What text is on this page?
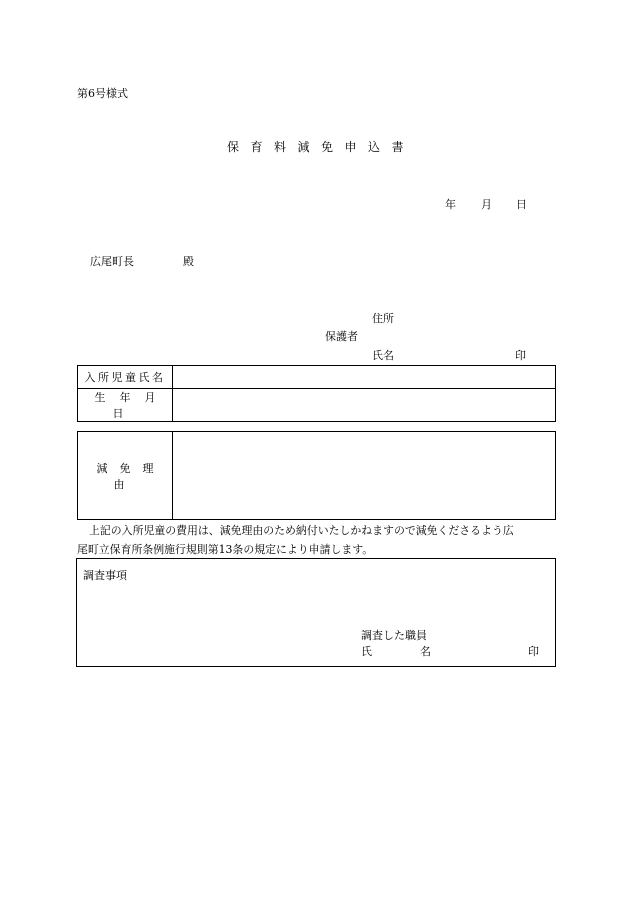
第6号様式
保育料減免申込書
年 月 日
広尾町長	殿
住所
保護者
氏名	印
入所児童氏名	
生年月日	
減免理由	
上記の入所児童の費用は、減免理由のため納付いたしかねますので減免くださるよう広
尾町立保育所条例施行規則第13条の規定により申請します。
調査事項
調査した職員
氏	名	印
